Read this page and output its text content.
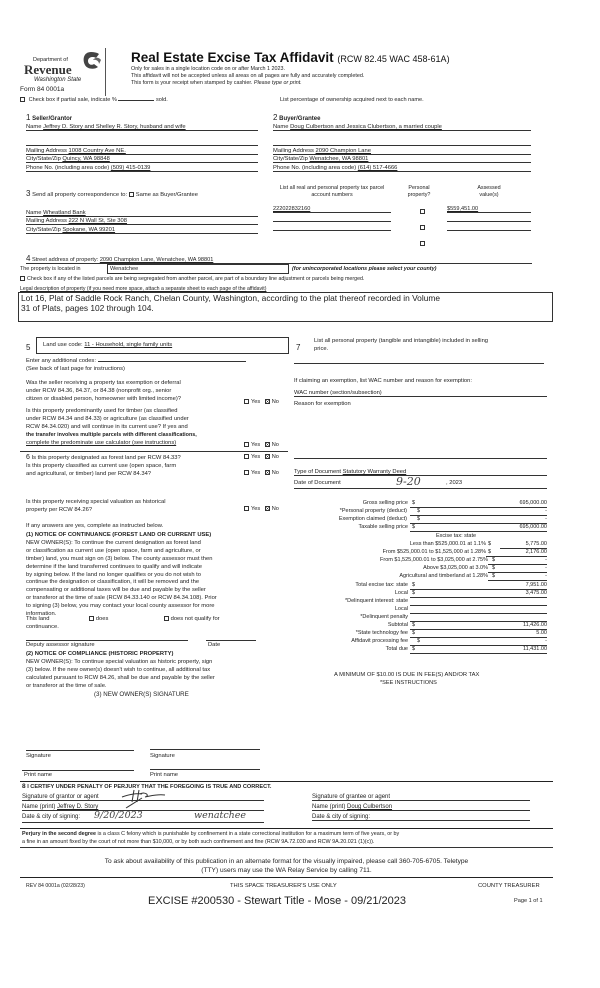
Department of
Revenue
Washington State
Form 84 0001a
Real Estate Excise Tax Affidavit (RCW 82.45 WAC 458-61A)
Only for sales in a single location code on or after March 1 2023.
This affidavit will not be accepted unless all areas on all pages are fully and accurately completed.
This form is your receipt when stamped by cashier. Please type or print.
Check box if partial sale, indicate %	sold.	List percentage of ownership acquired next to each name.
1 Seller/Grantor
Name Jeffrey D. Story and Shelley R. Story, husband and wife
Mailing Address 1008 Country Ave NE.
City/State/Zip Quincy, WA 98848
Phone No. (including area code) (509) 415-0139
3 Send all property correspondence to: Same as Buyer/Grantee
Name Wheatland Bank
Mailing Address 222 N Wall St, Ste 308
City/State/Zip Spokane, WA 99201
2 Buyer/Grantee
Name Doug Culbertson and Jessica Clubertson, a married couple
Mailing Address 2090 Champion Lane
City/State/Zip Wenatchee, WA 98801
Phone No. (including area code) (614) 517-4666
List all real and personal property tax parcel account numbers
Personal property?
Assessed value(s)
222022832160	$559,451.00

4 Street address of property: 2090 Champion Lane, Wenatchee, WA 98801
The property is located in	Wenatchee	(for unincorporated locations please select your county)
Check box if any of the listed parcels are being segregated from another parcel, are part of a boundary line adjustment or parcels being merged.
Legal description of property (if you need more space, attach a separate sheet to each page of the affidavit)
Lot 16, Plat of Saddle Rock Ranch, Chelan County, Washington, according to the plat thereof recorded in Volume
31 of Plats, pages 102 through 104.
5	Land use code: 11 - Household, single family units
Enter any additional codes:
(See back of last page for instructions)
Was the seller receiving a property tax exemption or deferral
under RCW 84.36, 84.37, or 84.38 (nonprofit org., senior
citizen or disabled person, homeowner with limited income)?	Yes No
Is this property predominantly used for timber (as classified
under RCW 84.34 and 84.33) or agriculture (as classified under
RCW 84.34.020) and will continue in its current use? If yes and
the transfer involves multiple parcels with different classifications,
complete the predominate use calculator (see instructions)	Yes No
6 Is this property designated as forest land per RCW 84.33?	Yes No
Is this property classified as current use (open space, farm
and agricultural, or timber) land per RCW 84.34?	Yes No
Is this property receiving special valuation as historical
property per RCW 84.26?	Yes No
If any answers are yes, complete as instructed below.
(1) NOTICE OF CONTINUANCE (FOREST LAND OR CURRENT USE)
NEW OWNER(S): To continue the current designation as forest land
or classification as current use (open space, farm and agriculture, or
timber) land, you must sign on (3) below. The county assessor must then
determine if the land transferred continues to qualify and will indicate
by signing below. If the land no longer qualifies or you do not wish to
continue the designation or classification, it will be removed and the
compensating or additional taxes will be due and payable by the seller
or transferor at the time of sale (RCW 84.33.140 or RCW 84.34.108). Prior
to signing (3) below, you may contact your local county assessor for more
information.
This land	does	does not qualify for
continuance.
Deputy assessor signature	Date
(2) NOTICE OF COMPLIANCE (HISTORIC PROPERTY)
NEW OWNER(S): To continue special valuation as historic property, sign
(3) below. If the new owner(s) doesn't wish to continue, all additional tax
calculated pursuant to RCW 84.26, shall be due and payable by the seller
or transferor at the time of sale.
(3) NEW OWNER(S) SIGNATURE
Signature	Signature
Print name	Print name
7
List all personal property (tangible and intangible) included in selling
price.
If claiming an exemption, list WAC number and reason for exemption:
WAC number (section/subsection)
Reason for exemption
Type of Document Statutory Warranty Deed
Date of Document	9-20	, 2023
Gross selling price $	695,000.00
*Personal property (deduct) $	-
Exemption claimed (deduct) $	-
Taxable selling price $	695,000.00
Excise tax: state
Less than $525,000.01 at 1.1% $	5,775.00
From $525,000.01 to $1,525,000 at 1.28% $	2,176.00
From $1,525,000.01 to $3,025,000 at 2.75% $	-
Above $3,025,000 at 3.0% $	-
Agricultural and timberland at 1.28% $	-
Total excise tax: state $	7,951.00
Local $	3,475.00
*Delinquent interest: state
Local
*Delinquent penalty
Subtotal $	11,426.00
*State technology fee $	5.00
Affidavit processing fee $	-
Total due $	11,431.00
A MINIMUM OF $10.00 IS DUE IN FEE(S) AND/OR TAX
*SEE INSTRUCTIONS
8 I CERTIFY UNDER PENALTY OF PERJURY THAT THE FOREGOING IS TRUE AND CORRECT.
Signature of grantor or agent
Name (print) Jeffrey D. Story
Date & city of signing: 9/20/2023	wenatchee
Signature of grantee or agent
Name (print) Doug Culbertson
Date & city of signing:
Perjury in the second degree is a class C felony which is punishable by confinement in a state correctional institution for a maximum term of five years, or by
a fine in an amount fixed by the court of not more than $10,000, or by both such confinement and fine (RCW 9A.72.030 and RCW 9A.20.021 (1)(c)).
To ask about availability of this publication in an alternate format for the visually impaired, please call 360-705-6705. Teletype
(TTY) users may use the WA Relay Service by calling 711.
REV 84 0001a (02/28/23)	THIS SPACE TREASURER'S USE ONLY	COUNTY TREASURER
EXCISE #200530 - Stewart Title - Mose - 09/21/2023	Page 1 of 1
